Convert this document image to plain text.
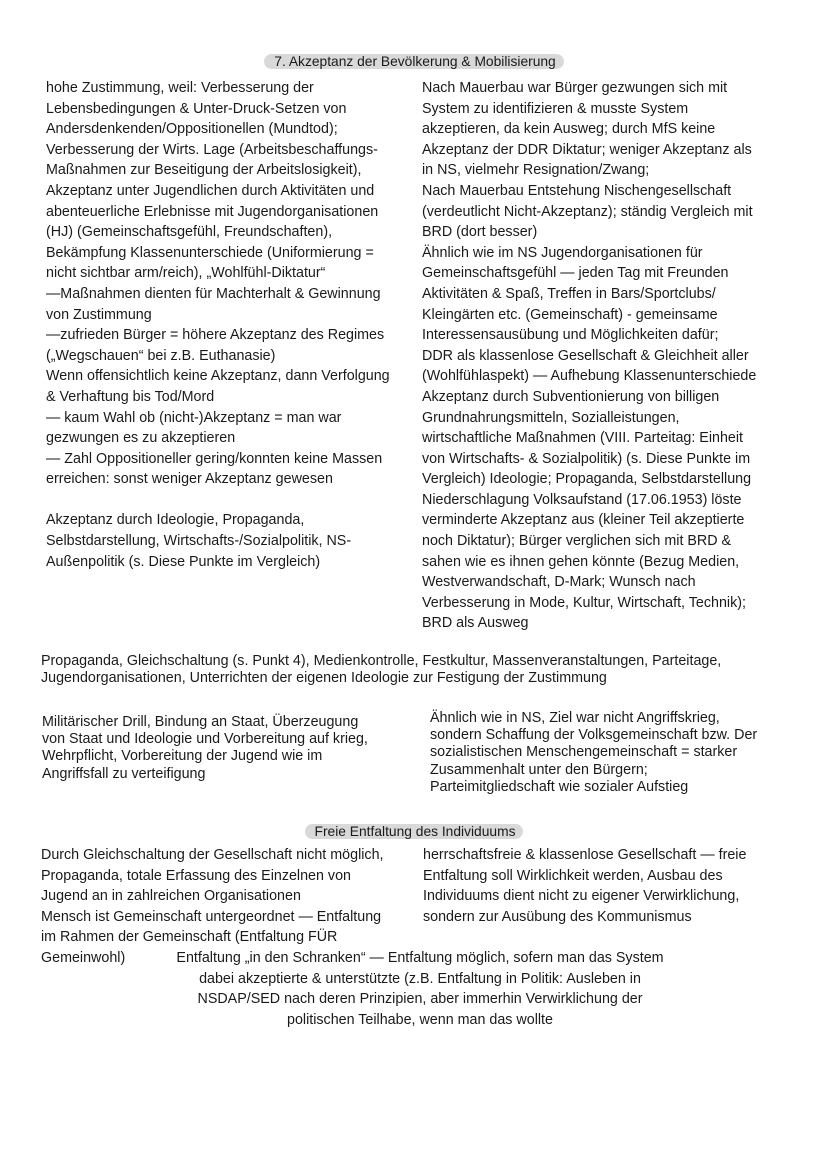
7. Akzeptanz der Bevölkerung & Mobilisierung
hohe Zustimmung, weil: Verbesserung der
Lebensbedingungen & Unter-Druck-Setzen von
Andersdenkenden/Oppositionellen (Mundtod);
Verbesserung der Wirts. Lage (Arbeitsbeschaffungs-
Maßnahmen zur Beseitigung der Arbeitslosigkeit),
Akzeptanz unter Jugendlichen durch Aktivitäten und
abenteuerliche Erlebnisse mit Jugendorganisationen
(HJ) (Gemeinschaftsgefühl, Freundschaften),
Bekämpfung Klassenunterschiede (Uniformierung =
nicht sichtbar arm/reich), „Wohlfühl-Diktatur“
—Maßnahmen dienten für Machterhalt & Gewinnung
von Zustimmung
—zufrieden Bürger = höhere Akzeptanz des Regimes
(„Wegschauen“ bei z.B. Euthanasie)
Wenn offensichtlich keine Akzeptanz, dann Verfolgung
& Verhaftung bis Tod/Mord
— kaum Wahl ob (nicht-)Akzeptanz = man war
gezwungen es zu akzeptieren
— Zahl Oppositioneller gering/konnten keine Massen
erreichen: sonst weniger Akzeptanz gewesen

Akzeptanz durch Ideologie, Propaganda,
Selbstdarstellung, Wirtschafts-/Sozialpolitik, NS-
Außenpolitik (s. Diese Punkte im Vergleich)
Nach Mauerbau war Bürger gezwungen sich mit
System zu identifizieren & musste System
akzeptieren, da kein Ausweg; durch MfS keine
Akzeptanz der DDR Diktatur; weniger Akzeptanz als
in NS, vielmehr Resignation/Zwang;
Nach Mauerbau Entstehung Nischengesellschaft
(verdeutlicht Nicht-Akzeptanz); ständig Vergleich mit
BRD (dort besser)
Ähnlich wie im NS Jugendorganisationen für
Gemeinschaftsgefühl — jeden Tag mit Freunden
Aktivitäten & Spaß, Treffen in Bars/Sportclubs/
Kleingärten etc. (Gemeinschaft) - gemeinsame
Interessensausübung und Möglichkeiten dafür;
DDR als klassenlose Gesellschaft & Gleichheit aller
(Wohlfühlaspekt) — Aufhebung Klassenunterschiede
Akzeptanz durch Subventionierung von billigen
Grundnahrungsmitteln, Sozialleistungen,
wirtschaftliche Maßnahmen (VIII. Parteitag: Einheit
von Wirtschafts- & Sozialpolitik) (s. Diese Punkte im
Vergleich) Ideologie; Propaganda, Selbstdarstellung
Niederschlagung Volksaufstand (17.06.1953) löste
verminderte Akzeptanz aus (kleiner Teil akzeptierte
noch Diktatur); Bürger verglichen sich mit BRD &
sahen wie es ihnen gehen könnte (Bezug Medien,
Westverwandschaft, D-Mark; Wunsch nach
Verbesserung in Mode, Kultur, Wirtschaft, Technik);
BRD als Ausweg
Propaganda, Gleichschaltung (s. Punkt 4), Medienkontrolle, Festkultur, Massenveranstaltungen, Parteitage,
Jugendorganisationen, Unterrichten der eigenen Ideologie zur Festigung der Zustimmung
Militärischer Drill, Bindung an Staat, Überzeugung
von Staat und Ideologie und Vorbereitung auf krieg,
Wehrpflicht, Vorbereitung der Jugend wie im
Angriffsfall zu verteifigung
Ähnlich wie in NS, Ziel war nicht Angriffskrieg,
sondern Schaffung der Volksgemeinschaft bzw. Der
sozialistischen Menschengemeinschaft = starker
Zusammenhalt unter den Bürgern;
Parteimitgliedschaft wie sozialer Aufstieg
Freie Entfaltung des Individuums
Durch Gleichschaltung der Gesellschaft nicht möglich,
Propaganda, totale Erfassung des Einzelnen von
Jugend an in zahlreichen Organisationen
Mensch ist Gemeinschaft untergeordnet — Entfaltung
im Rahmen der Gemeinschaft (Entfaltung FÜR
Gemeinwohl)
herrschaftsfreie & klassenlose Gesellschaft — freie
Entfaltung soll Wirklichkeit werden, Ausbau des
Individuums dient nicht zu eigener Verwirklichung,
sondern zur Ausübung des Kommunismus
Entfaltung „in den Schranken“ — Entfaltung möglich, sofern man das System
dabei akzeptierte & unterstützte (z.B. Entfaltung in Politik: Ausleben in
NSDAP/SED nach deren Prinzipien, aber immerhin Verwirklichung der
politischen Teilhabe, wenn man das wollte
